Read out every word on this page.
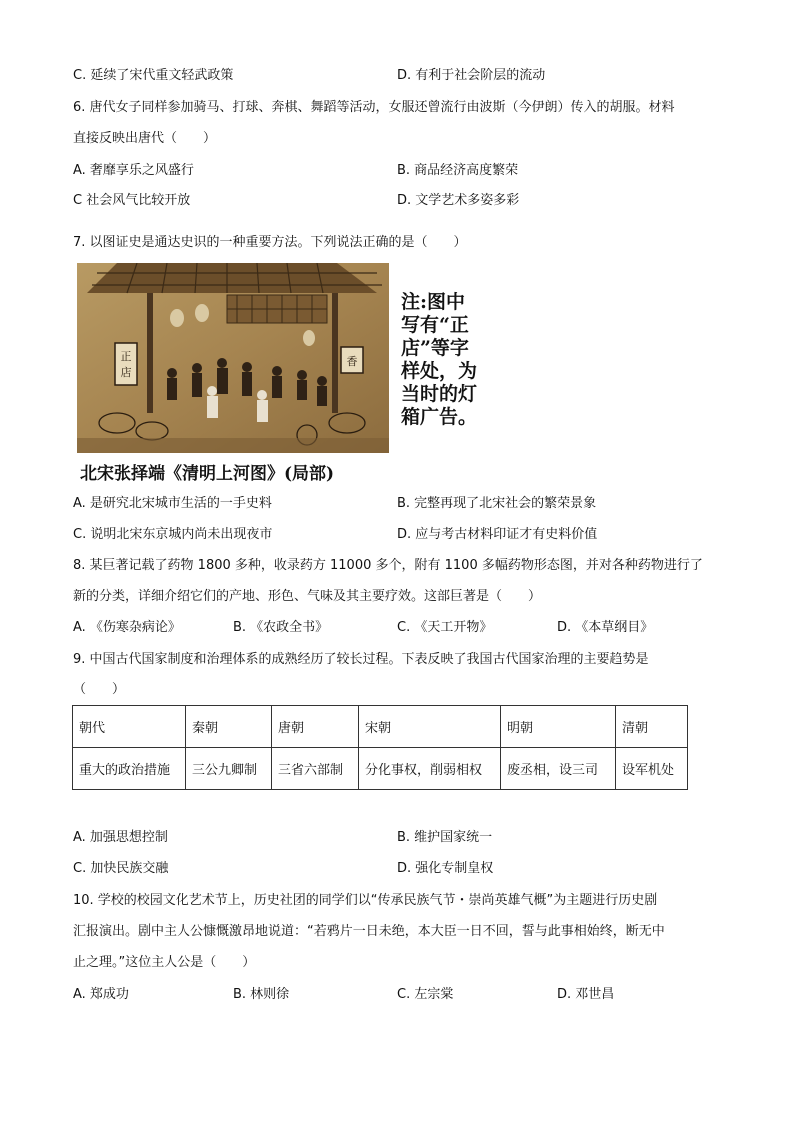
C. 延续了宋代重文轻武政策	D. 有利于社会阶层的流动
6. 唐代女子同样参加骑马、打球、奔棋、舞蹈等活动，女服还曾流行由波斯（今伊朗）传入的胡服。材料
直接反映出唐代（　　）
A. 奢靡享乐之风盛行	B. 商品经济高度繁荣
C 社会风气比较开放	D. 文学艺术多姿多彩
7. 以图证史是通达史识的一种重要方法。下列说法正确的是（　　）
正
店
香
注:图中
写有“正
店”等字
样处，为
当时的灯
箱广告。
北宋张择端《清明上河图》(局部)
A. 是研究北宋城市生活的一手史料	B. 完整再现了北宋社会的繁荣景象
C. 说明北宋东京城内尚未出现夜市	D. 应与考古材料印证才有史料价值
8. 某巨著记载了药物 1800 多种，收录药方 11000 多个，附有 1100 多幅药物形态图，并对各种药物进行了
新的分类，详细介绍它们的产地、形色、气味及其主要疗效。这部巨著是（　　）
A. 《伤寒杂病论》	B. 《农政全书》	C. 《天工开物》	D. 《本草纲目》
9. 中国古代国家制度和治理体系的成熟经历了较长过程。下表反映了我国古代国家治理的主要趋势是
（　　）
朝代	秦朝	唐朝	宋朝	明朝	清朝
重大的政治措施	三公九卿制	三省六部制	分化事权，削弱相权	废丞相，设三司	设军机处
A. 加强思想控制	B. 维护国家统一
C. 加快民族交融	D. 强化专制皇权
10. 学校的校园文化艺术节上，历史社团的同学们以“传承民族气节・崇尚英雄气概”为主题进行历史剧
汇报演出。剧中主人公慷慨激昂地说道：“若鸦片一日未绝，本大臣一日不回，誓与此事相始终，断无中
止之理。”这位主人公是（　　）
A. 郑成功	B. 林则徐	C. 左宗棠	D. 邓世昌
